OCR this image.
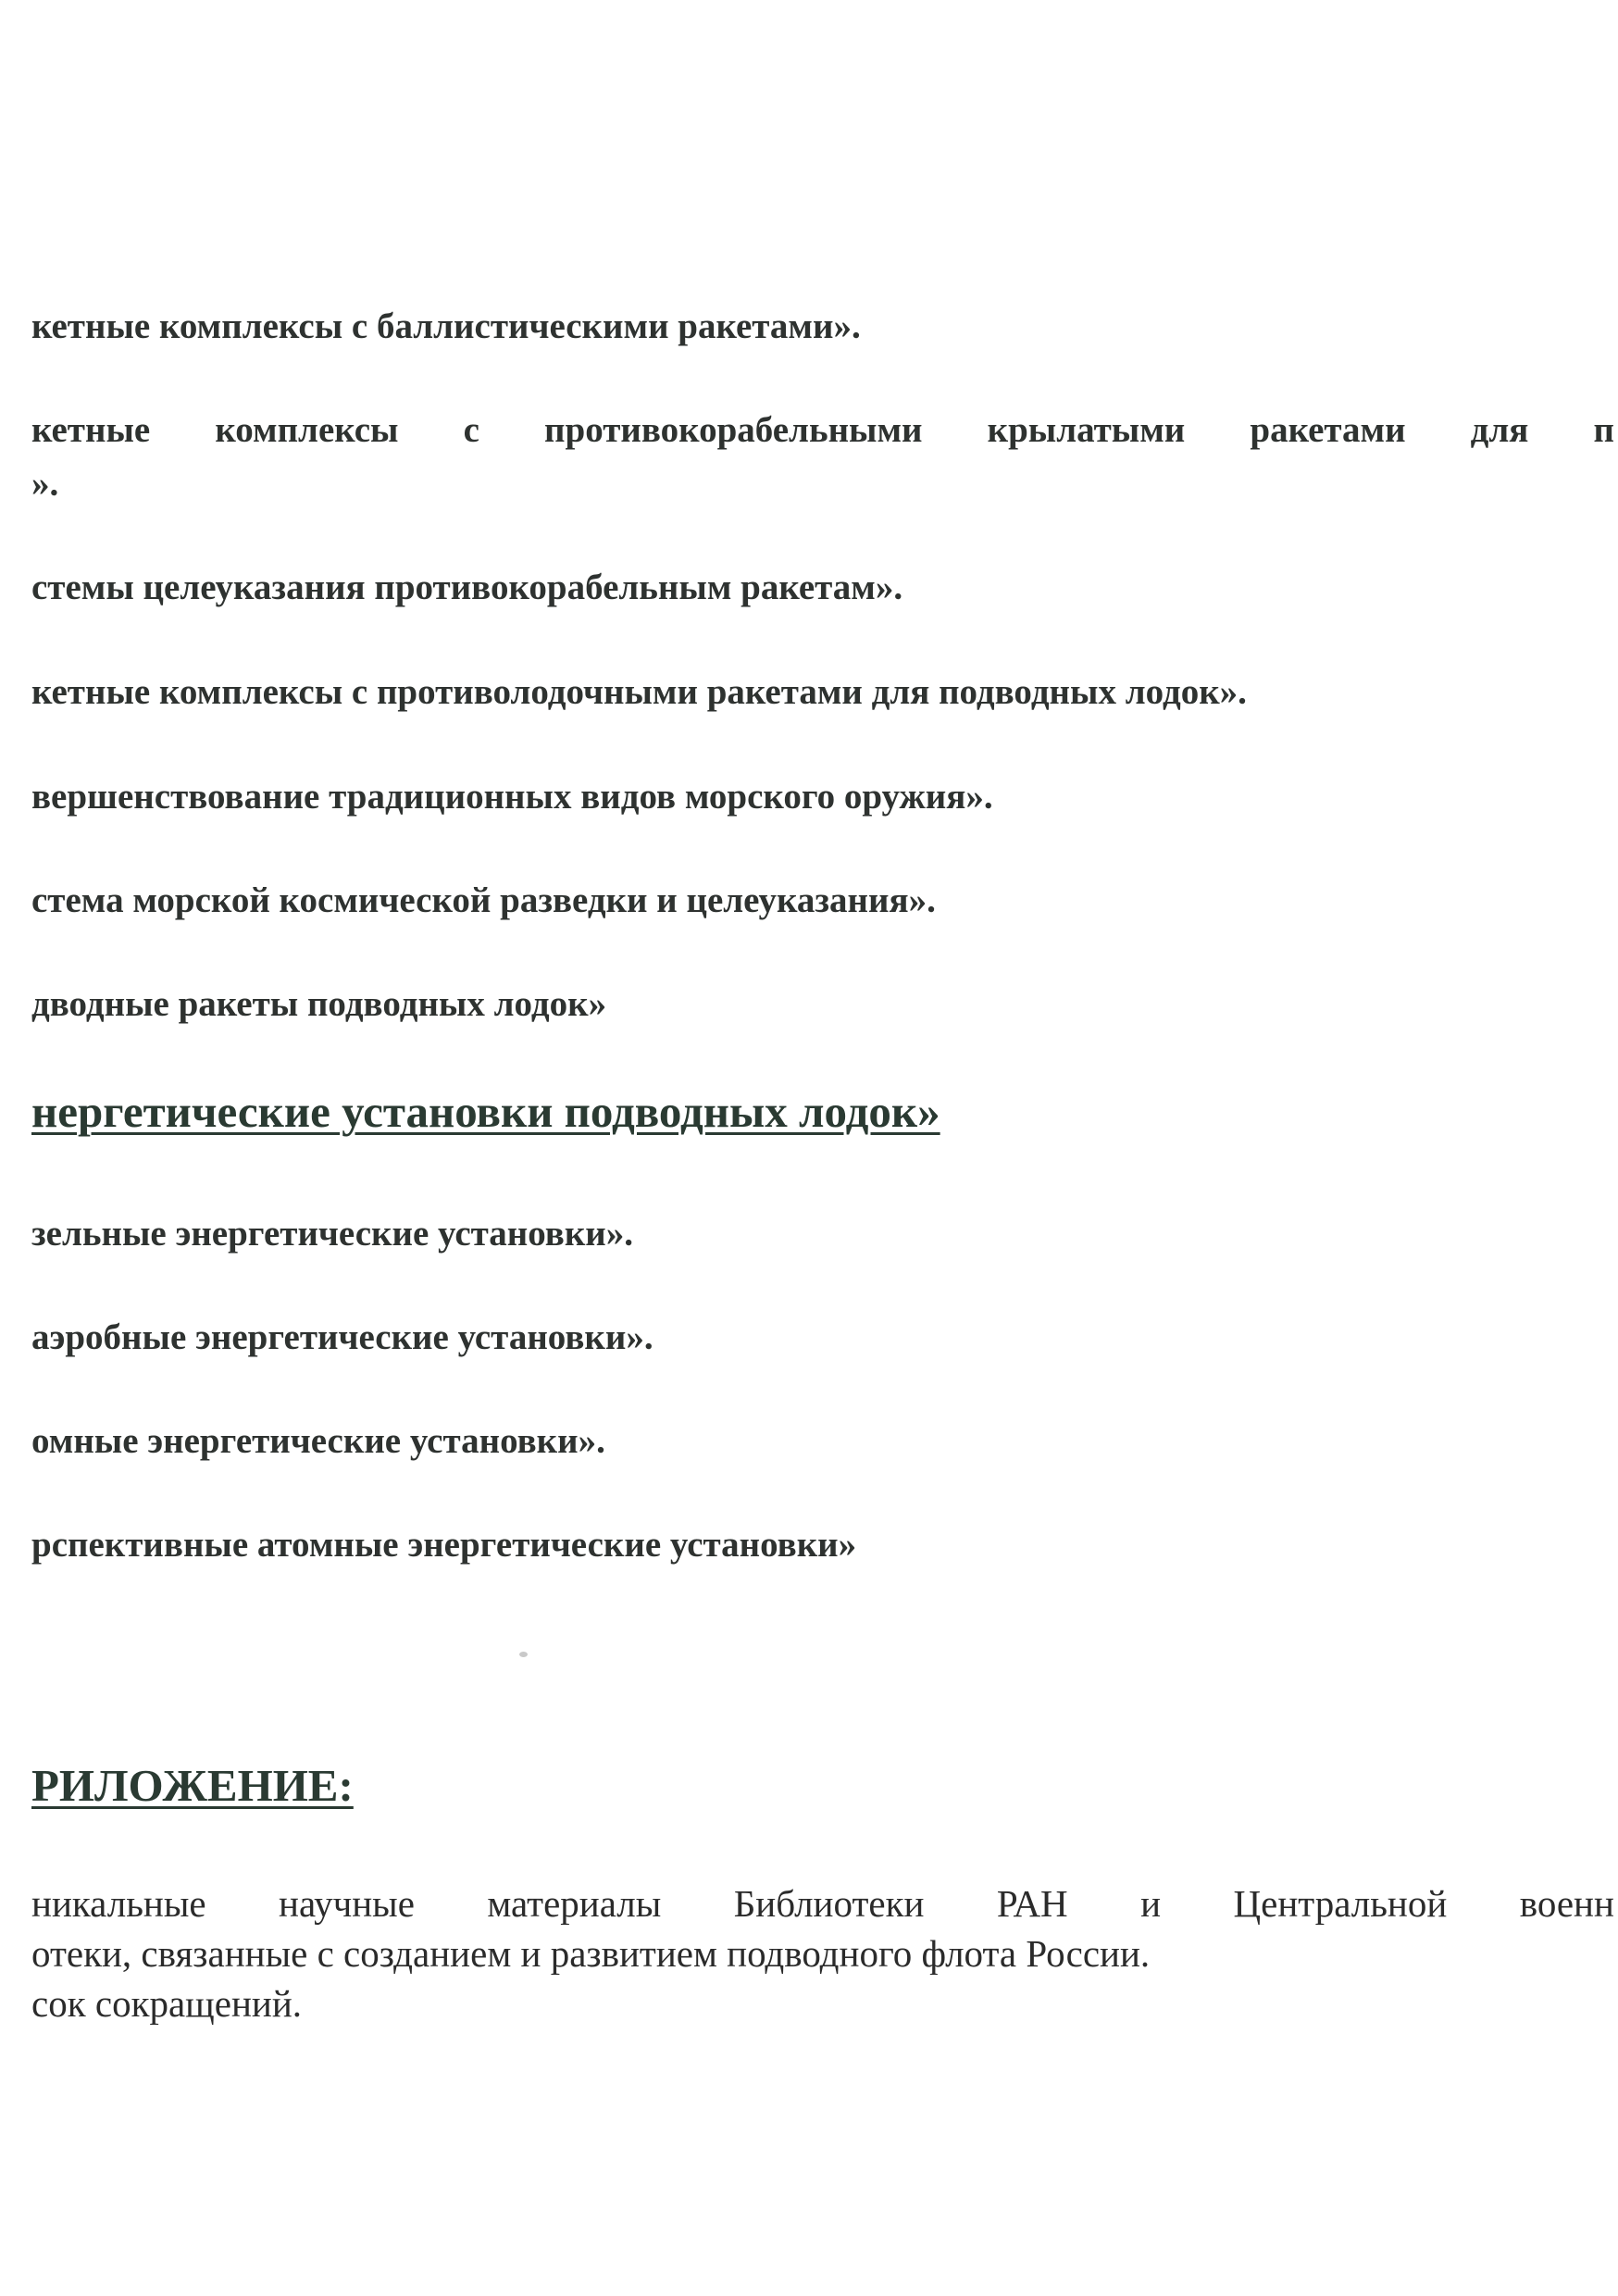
кетные комплексы с баллистическими ракетами».

кетные комплексы с противокорабельными крылатыми ракетами для п

».

стемы целеуказания противокорабельным ракетам».

кетные комплексы с противолодочными ракетами для подводных лодок».

вершенствование традиционных видов морского оружия».

стема морской космической разведки и целеуказания».

дводные ракеты подводных лодок»

нергетические установки подводных лодок»

зельные энергетические установки».

аэробные энергетические установки».

омные энергетические установки».

рспективные атомные энергетические установки»

РИЛОЖЕНИЕ:

никальные научные материалы Библиотеки РАН и Центральной военн

отеки, связанные с созданием и развитием подводного флота России.

сок сокращений.
